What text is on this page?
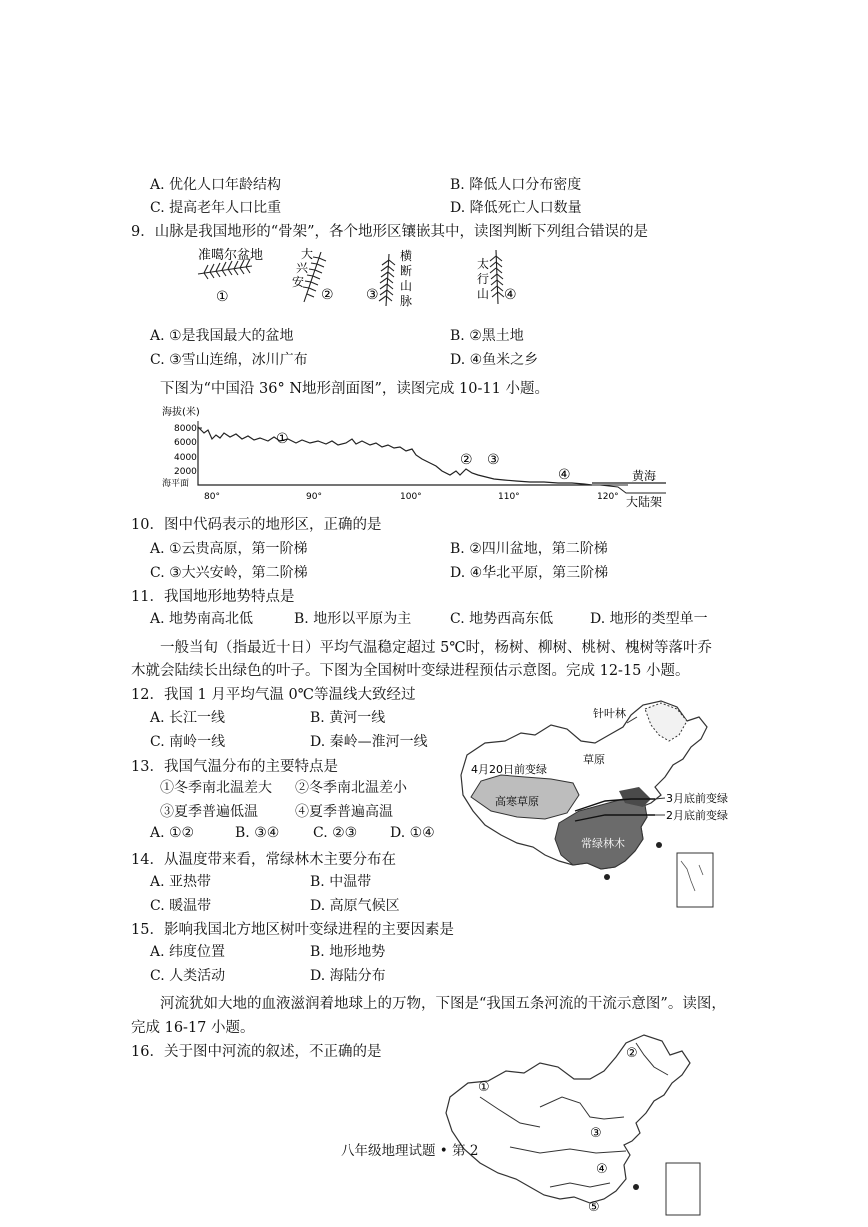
A. 优化人口年龄结构	B. 降低人口分布密度
C. 提高老年人口比重	D. 降低死亡人口数量
9．山脉是我国地形的“骨架”，各个地形区镶嵌其中，读图判断下列组合错误的是
准噶尔盆地
①
大
兴
安
② ③
横
断
山
脉
太
行
山 ④
A. ①是我国最大的盆地	B. ②黑土地
C. ③雪山连绵，冰川广布	D. ④鱼米之乡
下图为“中国沿 36° N地形剖面图”，读图完成 10-11 小题。
海拔(米)
8000
6000
4000
2000
海平面
①
② ③
④	黄海
大陆架
80°	90°	100°	110°	120°
10．图中代码表示的地形区，正确的是
A. ①云贵高原，第一阶梯	B. ②四川盆地，第二阶梯
C. ③大兴安岭，第二阶梯	D. ④华北平原，第三阶梯
11．我国地形地势特点是
A. 地势南高北低	B. 地形以平原为主	C. 地势西高东低	D. 地形的类型单一
一般当旬（指最近十日）平均气温稳定超过 5℃时，杨树、柳树、桃树、槐树等落叶乔
木就会陆续长出绿色的叶子。下图为全国树叶变绿进程预估示意图。完成 12-15 小题。
12．我国 1 月平均气温 0℃等温线大致经过
A. 长江一线	B. 黄河一线
C. 南岭一线	D. 秦岭—淮河一线
13．我国气温分布的主要特点是
①冬季南北温差大 ②冬季南北温差小
③夏季普遍低温	④夏季普遍高温
A. ①②	B. ③④ C. ②③ D. ①④
14．从温度带来看，常绿林木主要分布在
A. 亚热带	B. 中温带
C. 暖温带	D. 高原气候区
15．影响我国北方地区树叶变绿进程的主要因素是
A. 纬度位置	B. 地形地势
C. 人类活动	D. 海陆分布
针叶林
草原
4月20日前变绿
高寒草原	3月底前变绿
2月底前变绿
常绿林木
河流犹如大地的血液滋润着地球上的万物，下图是“我国五条河流的干流示意图”。读图，
完成 16-17 小题。
16．关于图中河流的叙述，不正确的是
①
②
③
④
⑤
八年级地理试题 • 第 2
